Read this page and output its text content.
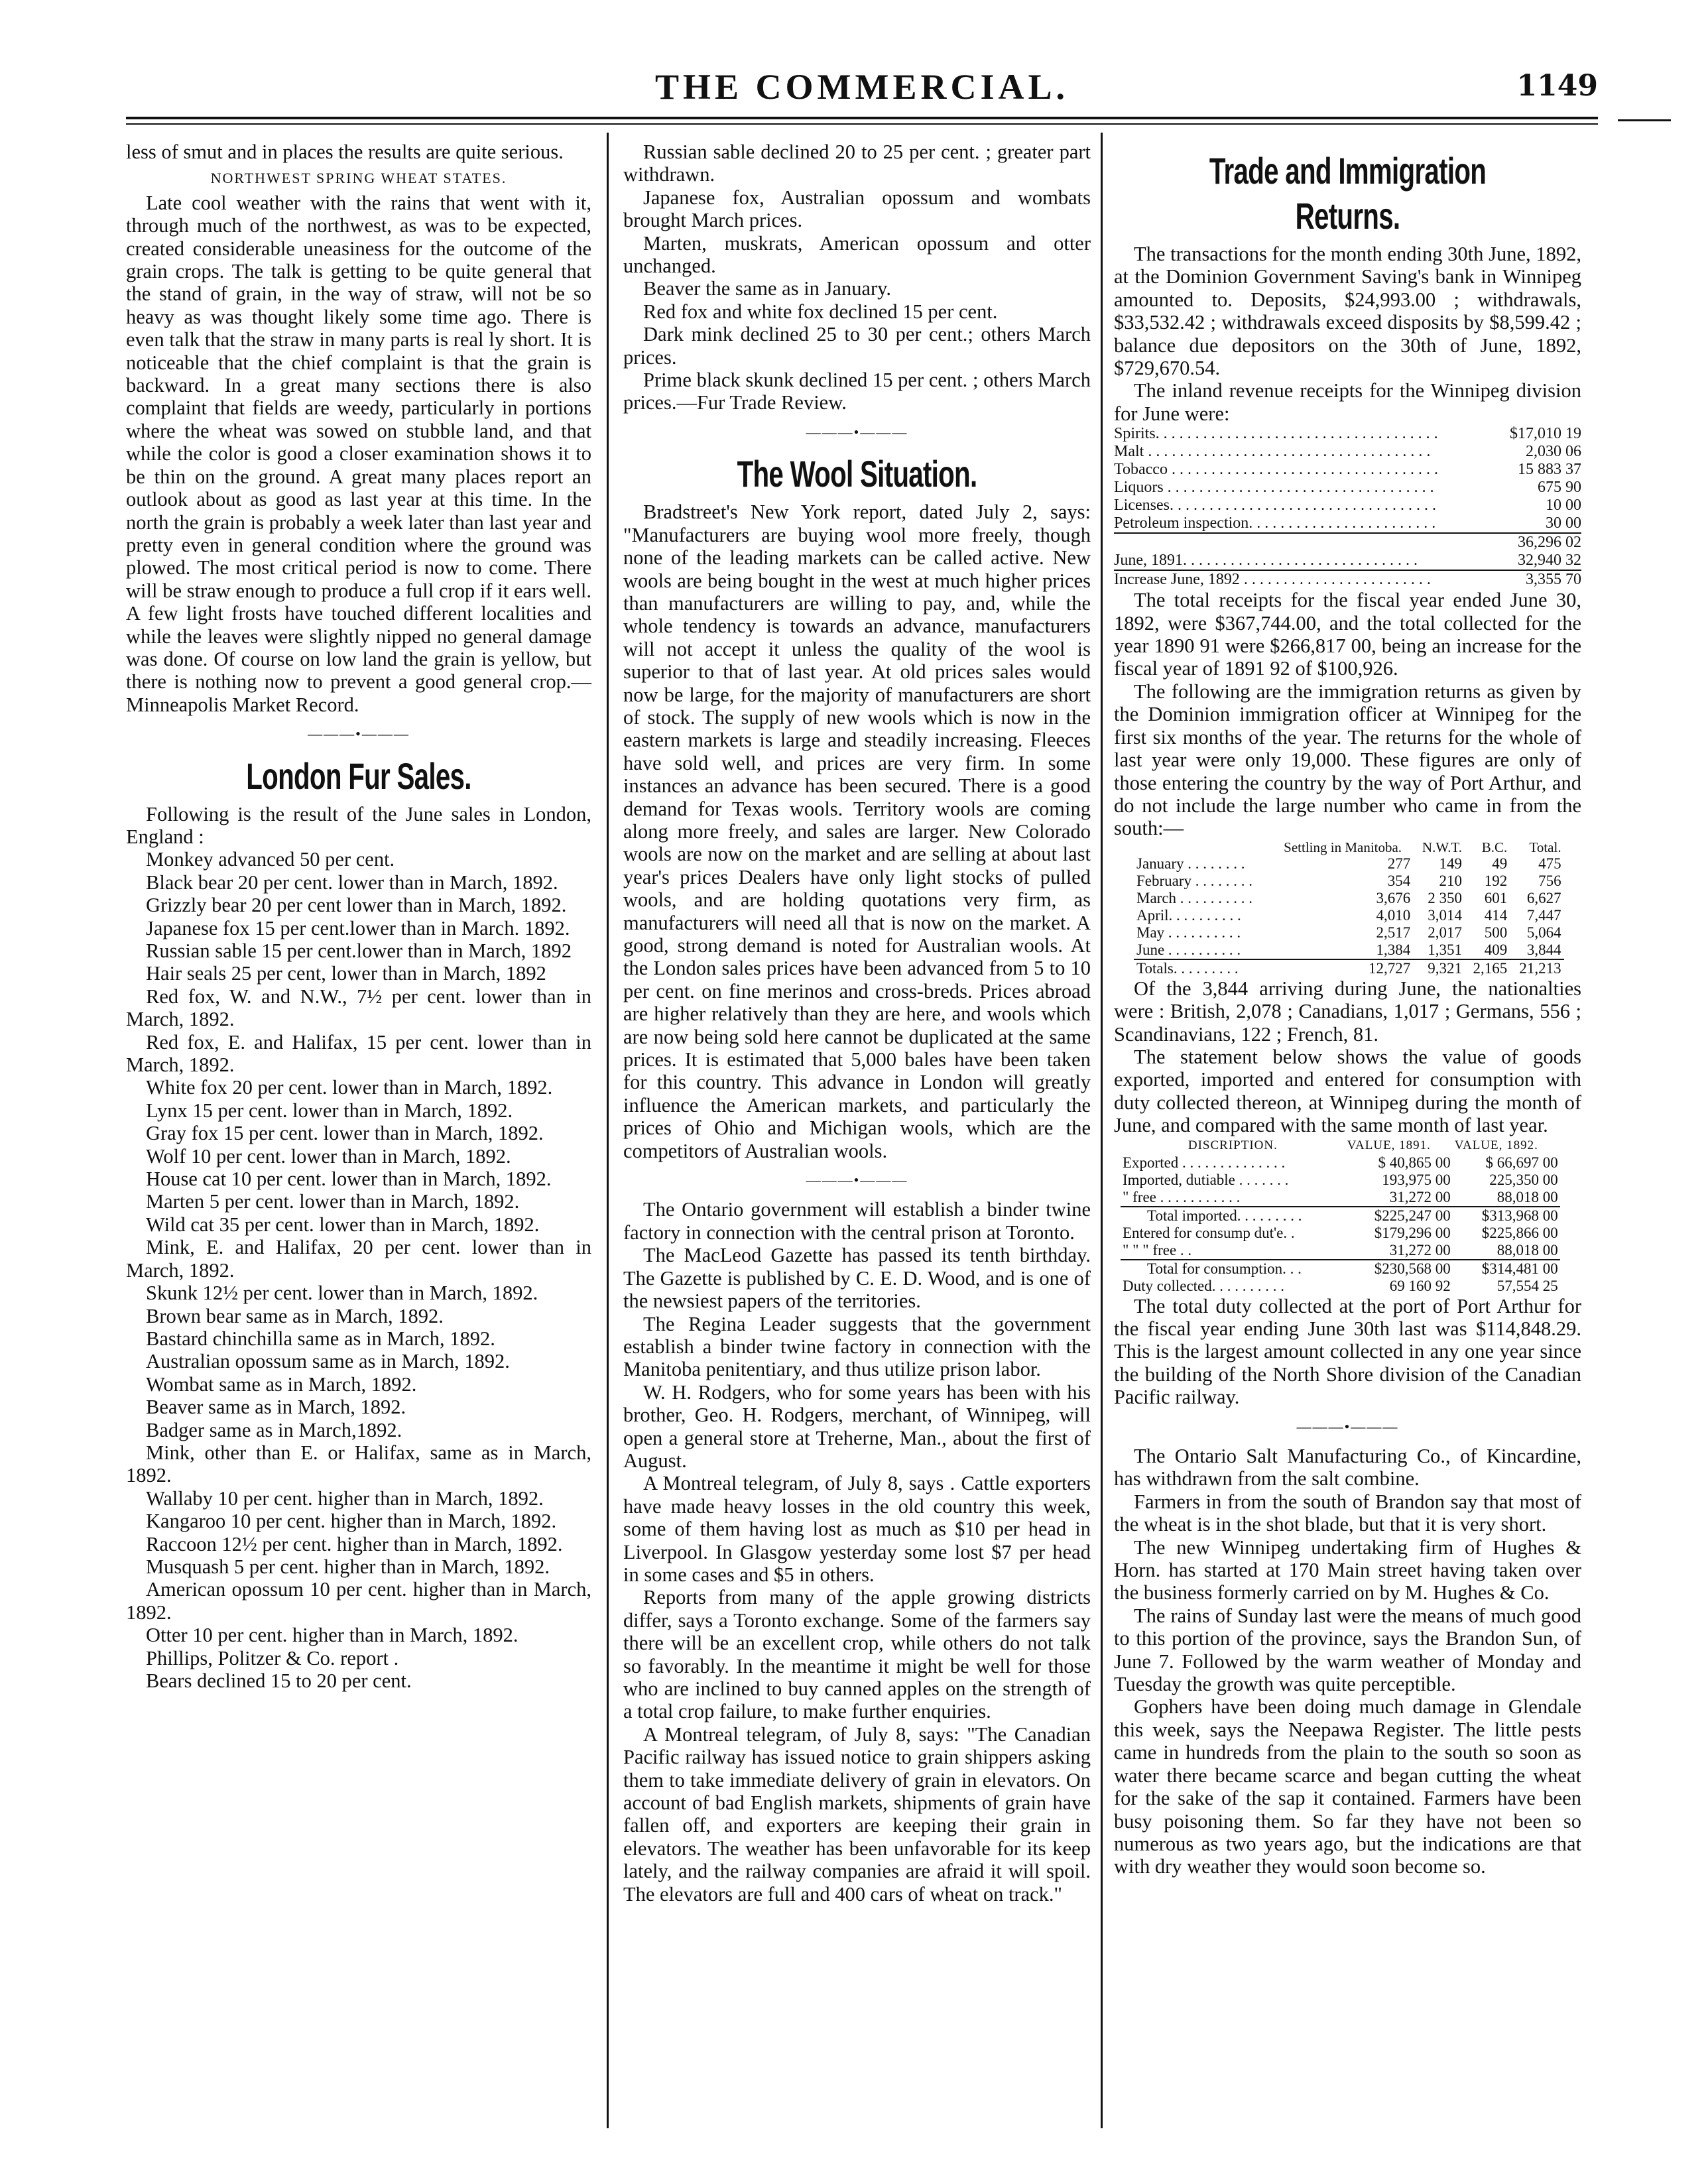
THE COMMERCIAL.	1149

less of smut and in places the results are quite serious.

NORTHWEST SPRING WHEAT STATES.

Late cool weather with the rains that went with it, through much of the northwest, as was to be expected, created considerable uneasiness for the outcome of the grain crops. The talk is getting to be quite general that the stand of grain, in the way of straw, will not be so heavy as was thought likely some time ago. There is even talk that the straw in many parts is real ly short. It is noticeable that the chief complaint is that the grain is backward. In a great many sections there is also complaint that fields are weedy, particularly in portions where the wheat was sowed on stubble land, and that while the color is good a closer examination shows it to be thin on the ground. A great many places report an outlook about as good as last year at this time. In the north the grain is probably a week later than last year and pretty even in general condition where the ground was plowed. The most critical period is now to come. There will be straw enough to produce a full crop if it ears well. A few light frosts have touched different localities and while the leaves were slightly nipped no general damage was done. Of course on low land the grain is yellow, but there is nothing now to prevent a good general crop.—Minneapolis Market Record.

———•———
London Fur Sales.

Following is the result of the June sales in London, England :

Monkey advanced 50 per cent.

Black bear 20 per cent. lower than in March, 1892.

Grizzly bear 20 per cent lower than in March, 1892.

Japanese fox 15 per cent.lower than in March. 1892.

Russian sable 15 per cent.lower than in March, 1892

Hair seals 25 per cent, lower than in March, 1892

Red fox, W. and N.W., 7½ per cent. lower than in March, 1892.

Red fox, E. and Halifax, 15 per cent. lower than in March, 1892.

White fox 20 per cent. lower than in March, 1892.

Lynx 15 per cent. lower than in March, 1892.

Gray fox 15 per cent. lower than in March, 1892.

Wolf 10 per cent. lower than in March, 1892.

House cat 10 per cent. lower than in March, 1892.

Marten 5 per cent. lower than in March, 1892.

Wild cat 35 per cent. lower than in March, 1892.

Mink, E. and Halifax, 20 per cent. lower than in March, 1892.

Skunk 12½ per cent. lower than in March, 1892.

Brown bear same as in March, 1892.

Bastard chinchilla same as in March, 1892.

Australian opossum same as in March, 1892.

Wombat same as in March, 1892.

Beaver same as in March, 1892.

Badger same as in March,1892.

Mink, other than E. or Halifax, same as in March, 1892.

Wallaby 10 per cent. higher than in March, 1892.

Kangaroo 10 per cent. higher than in March, 1892.

Raccoon 12½ per cent. higher than in March, 1892.

Musquash 5 per cent. higher than in March, 1892.

American opossum 10 per cent. higher than in March, 1892.

Otter 10 per cent. higher than in March, 1892.

Phillips, Politzer & Co. report .

Bears declined 15 to 20 per cent.

Russian sable declined 20 to 25 per cent. ; greater part withdrawn.

Japanese fox, Australian opossum and wombats brought March prices.

Marten, muskrats, American opossum and otter unchanged.

Beaver the same as in January.

Red fox and white fox declined 15 per cent.

Dark mink declined 25 to 30 per cent.; others March prices.

Prime black skunk declined 15 per cent. ; others March prices.—Fur Trade Review.

———•———
The Wool Situation.

Bradstreet's New York report, dated July 2, says: "Manufacturers are buying wool more freely, though none of the leading markets can be called active. New wools are being bought in the west at much higher prices than manufacturers are willing to pay, and, while the whole tendency is towards an advance, manufacturers will not accept it unless the quality of the wool is superior to that of last year. At old prices sales would now be large, for the majority of manufacturers are short of stock. The supply of new wools which is now in the eastern markets is large and steadily increasing. Fleeces have sold well, and prices are very firm. In some instances an advance has been secured. There is a good demand for Texas wools. Territory wools are coming along more freely, and sales are larger. New Colorado wools are now on the market and are selling at about last year's prices Dealers have only light stocks of pulled wools, and are holding quotations very firm, as manufacturers will need all that is now on the market. A good, strong demand is noted for Australian wools. At the London sales prices have been advanced from 5 to 10 per cent. on fine merinos and cross-breds. Prices abroad are higher relatively than they are here, and wools which are now being sold here cannot be duplicated at the same prices. It is estimated that 5,000 bales have been taken for this country. This advance in London will greatly influence the American markets, and particularly the prices of Ohio and Michigan wools, which are the competitors of Australian wools.

———•———

The Ontario government will establish a binder twine factory in connection with the central prison at Toronto.

The MacLeod Gazette has passed its tenth birthday. The Gazette is published by C. E. D. Wood, and is one of the newsiest papers of the territories.

The Regina Leader suggests that the government establish a binder twine factory in connection with the Manitoba penitentiary, and thus utilize prison labor.

W. H. Rodgers, who for some years has been with his brother, Geo. H. Rodgers, merchant, of Winnipeg, will open a general store at Treherne, Man., about the first of August.

A Montreal telegram, of July 8, says . Cattle exporters have made heavy losses in the old country this week, some of them having lost as much as $10 per head in Liverpool. In Glasgow yesterday some lost $7 per head in some cases and $5 in others.

Reports from many of the apple growing districts differ, says a Toronto exchange. Some of the farmers say there will be an excellent crop, while others do not talk so favorably. In the meantime it might be well for those who are inclined to buy canned apples on the strength of a total crop failure, to make further enquiries.

A Montreal telegram, of July 8, says: "The Canadian Pacific railway has issued notice to grain shippers asking them to take immediate delivery of grain in elevators. On account of bad English markets, shipments of grain have fallen off, and exporters are keeping their grain in elevators. The weather has been unfavorable for its keep lately, and the railway companies are afraid it will spoil. The elevators are full and 400 cars of wheat on track."

Trade and Immigration Returns.

The transactions for the month ending 30th June, 1892, at the Dominion Government Saving's bank in Winnipeg amounted to. Deposits, $24,993.00 ; withdrawals, $33,532.42 ; withdrawals exceed disposits by $8,599.42 ; balance due depositors on the 30th of June, 1892, $729,670.54.

The inland revenue receipts for the Winnipeg division for June were:

Spirits. . . . . . . . . . . . . . . . . . . . . . . . . . . . . . . . . . . .	$17,010 19
Malt . . . . . . . . . . . . . . . . . . . . . . . . . . . . . . . . . . . .	2,030 06
Tobacco . . . . . . . . . . . . . . . . . . . . . . . . . . . . . . . . . .	15 883 37
Liquors . . . . . . . . . . . . . . . . . . . . . . . . . . . . . . . . . .	675 90
Licenses. . . . . . . . . . . . . . . . . . . . . . . . . . . . . . . . . .	10 00
Petroleum inspection. . . . . . . . . . . . . . . . . . . . . . . .	30 00
	36,296 02
June, 1891. . . . . . . . . . . . . . . . . . . . . . . . . . . . . .	32,940 32
Increase June, 1892 . . . . . . . . . . . . . . . . . . . . . . . .	3,355 70

The total receipts for the fiscal year ended June 30, 1892, were $367,744.00, and the total collected for the year 1890 91 were $266,817 00, being an increase for the fiscal year of 1891 92 of $100,926.

The following are the immigration returns as given by the Dominion immigration officer at Winnipeg for the first six months of the year. The returns for the whole of last year were only 19,000. These figures are only of those entering the country by the way of Port Arthur, and do not include the large number who came in from the south:—

	Settling in Manitoba.	N.W.T.	B.C.	Total.
January . . . . . . . .	277	149	49	475
February . . . . . . . .	354	210	192	756
March . . . . . . . . . .	3,676	2 350	601	6,627
April. . . . . . . . . .	4,010	3,014	414	7,447
May . . . . . . . . . .	2,517	2,017	500	5,064
June . . . . . . . . . .	1,384	1,351	409	3,844
Totals. . . . . . . . .	12,727	9,321	2,165	21,213

Of the 3,844 arriving during June, the nationalties were : British, 2,078 ; Canadians, 1,017 ; Germans, 556 ; Scandinavians, 122 ; French, 81.

The statement below shows the value of goods exported, imported and entered for consumption with duty collected thereon, at Winnipeg during the month of June, and compared with the same month of last year.

DISCRIPTION.	VALUE, 1891.	VALUE, 1892.
Exported . . . . . . . . . . . . . .	$ 40,865 00	$ 66,697 00
Imported, dutiable . . . . . . .	193,975 00	225,350 00
" free . . . . . . . . . . .	31,272 00	88,018 00
Total imported. . . . . . . . .	$225,247 00	$313,968 00
Entered for consump dut'e. .	$179,296 00	$225,866 00
" " " free . .	31,272 00	88,018 00
Total for consumption. . .	$230,568 00	$314,481 00
Duty collected. . . . . . . . . .	69 160 92	57,554 25

The total duty collected at the port of Port Arthur for the fiscal year ending June 30th last was $114,848.29. This is the largest amount collected in any one year since the building of the North Shore division of the Canadian Pacific railway.

———•———

The Ontario Salt Manufacturing Co., of Kincardine, has withdrawn from the salt combine.

Farmers in from the south of Brandon say that most of the wheat is in the shot blade, but that it is very short.

The new Winnipeg undertaking firm of Hughes & Horn. has started at 170 Main street having taken over the business formerly carried on by M. Hughes & Co.

The rains of Sunday last were the means of much good to this portion of the province, says the Brandon Sun, of June 7. Followed by the warm weather of Monday and Tuesday the growth was quite perceptible.

Gophers have been doing much damage in Glendale this week, says the Neepawa Register. The little pests came in hundreds from the plain to the south so soon as water there became scarce and began cutting the wheat for the sake of the sap it contained. Farmers have been busy poisoning them. So far they have not been so numerous as two years ago, but the indications are that with dry weather they would soon become so.
